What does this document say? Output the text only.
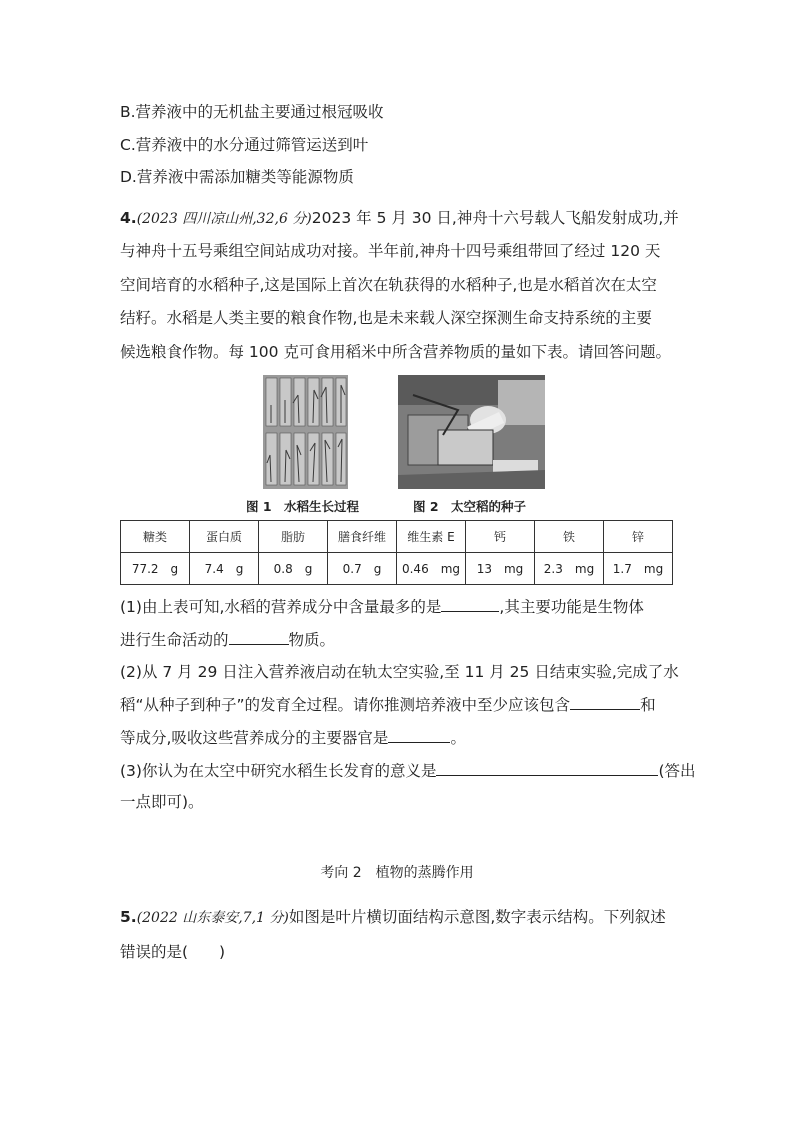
B.营养液中的无机盐主要通过根冠吸收
C.营养液中的水分通过筛管运送到叶
D.营养液中需添加糖类等能源物质
4.(2023 四川凉山州,32,6 分)2023 年 5 月 30 日,神舟十六号载人飞船发射成功,并
与神舟十五号乘组空间站成功对接。半年前,神舟十四号乘组带回了经过 120 天
空间培育的水稻种子,这是国际上首次在轨获得的水稻种子,也是水稻首次在太空
结籽。水稻是人类主要的粮食作物,也是未来载人深空探测生命支持系统的主要
候选粮食作物。每 100 克可食用稻米中所含营养物质的量如下表。请回答问题。
图 1　水稻生长过程	图 2　太空稻的种子
糖类	蛋白质	脂肪	膳食纤维	维生素 E	钙	铁	锌
77.2　g	7.4　g	0.8　g	0.7　g	0.46　mg	13　mg	2.3　mg	1.7　mg
(1)由上表可知,水稻的营养成分中含量最多的是	,其主要功能是生物体
进行生命活动的	物质。
(2)从 7 月 29 日注入营养液启动在轨太空实验,至 11 月 25 日结束实验,完成了水
稻“从种子到种子”的发育全过程。请你推测培养液中至少应该包含	和
等成分,吸收这些营养成分的主要器官是	。
(3)你认为在太空中研究水稻生长发育的意义是	(答出
一点即可)。
考向 2　植物的蒸腾作用
5.(2022 山东泰安,7,1 分)如图是叶片横切面结构示意图,数字表示结构。下列叙述
错误的是(　　)
